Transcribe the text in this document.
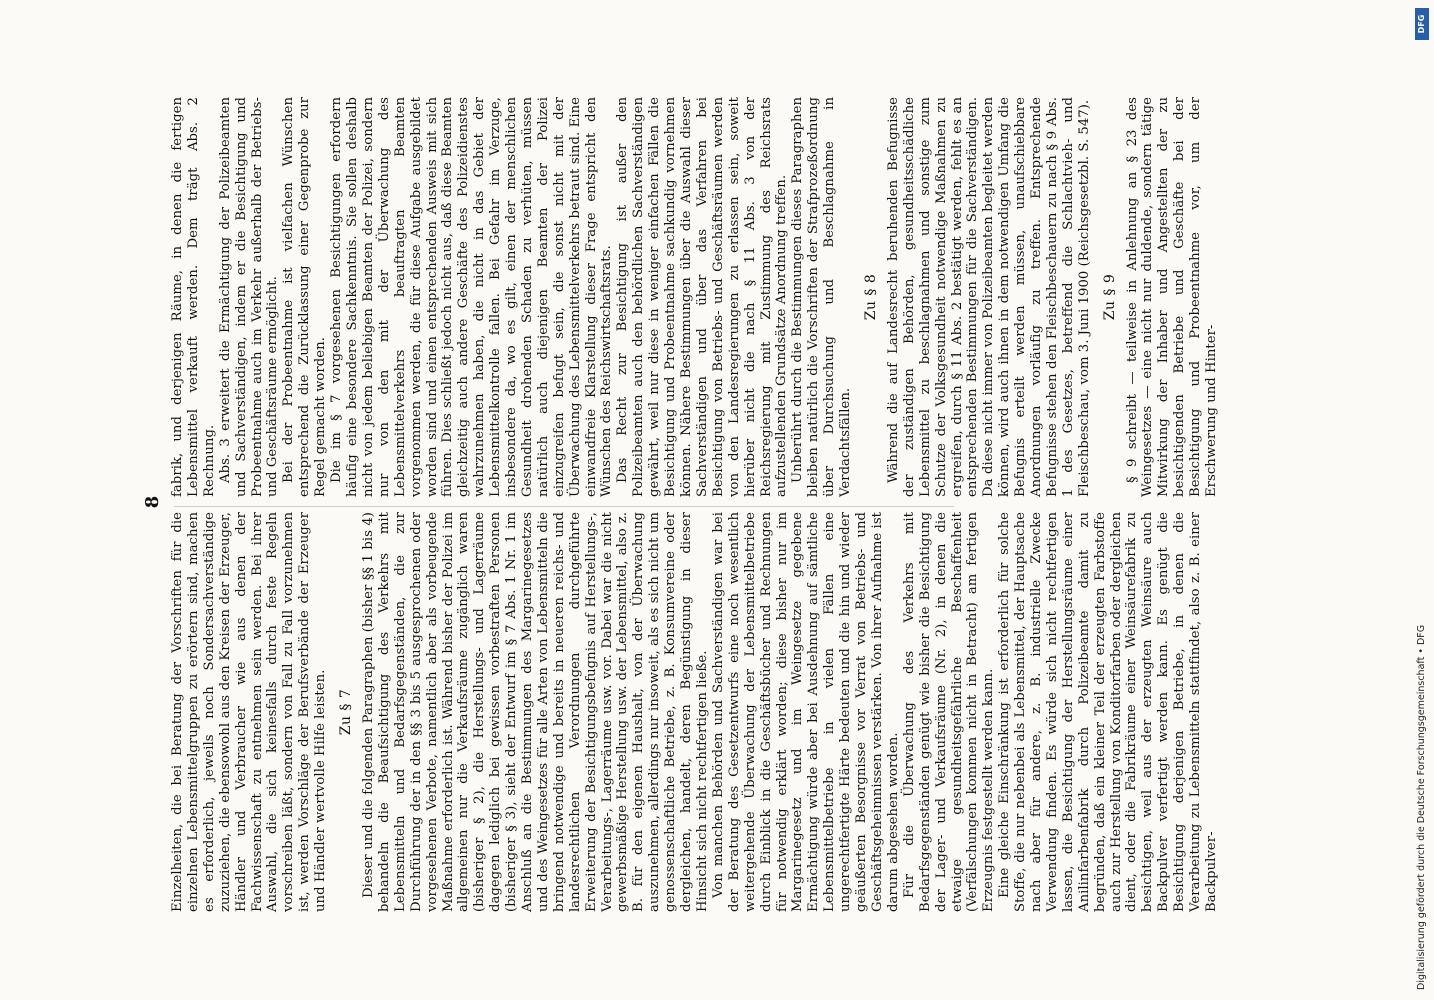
8

Einzelheiten, die bei Beratung der Vorschriften für die einzelnen Lebensmittelgruppen zu erörtern sind, machen es erforderlich, jeweils noch Sondersachverständige zuzuziehen, die ebensowohl aus den Kreisen der Erzeuger, Händler und Verbraucher wie aus denen der Fachwissenschaft zu entnehmen sein werden. Bei ihrer Auswahl, die sich keinesfalls durch feste Regeln vorschreiben läßt, sondern von Fall zu Fall vorzunehmen ist, werden Vorschläge der Berufsverbände der Erzeuger und Händler wertvolle Hilfe leisten. Zu § 7 Dieser und die folgenden Paragraphen (bisher §§ 1 bis 4) behandeln die Beaufsichtigung des Verkehrs mit Lebensmitteln und Bedarfsgegenständen, die zur Durchführung der in den §§ 3 bis 5 ausgesprochenen oder vorgesehenen Verbote, namentlich aber als vorbeugende Maßnahme erforderlich ist. Während bisher der Polizei im allgemeinen nur die Verkaufsräume zugänglich waren (bisheriger § 2), die Herstellungs- und Lagerräume dagegen lediglich bei gewissen vorbestraften Personen (bisheriger § 3), sieht der Entwurf im § 7 Abs. 1 Nr. 1 im Anschluß an die Bestimmungen des Margarinegesetzes und des Weingesetzes für alle Arten von Lebensmitteln die bringend notwendige und bereits in neueren reichs- und landesrechtlichen Verordnungen durchgeführte Erweiterung der Besichtigungsbefugnis auf Herstellungs-, Verarbeitungs-, Lagerräume usw. vor. Dabei war die nicht gewerbsmäßige Herstellung usw. der Lebensmittel, also z. B. für den eigenen Haushalt, von der Überwachung auszunehmen, allerdings nur insoweit, als es sich nicht um genossenschaftliche Betriebe, z. B. Konsumvereine oder dergleichen, handelt, deren Begünstigung in dieser Hinsicht sich nicht rechtfertigen ließe. Von manchen Behörden und Sachverständigen war bei der Beratung des Gesetzentwurfs eine noch wesentlich weitergehende Überwachung der Lebensmittelbetriebe durch Einblick in die Geschäftsbücher und Rechnungen für notwendig erklärt worden; diese bisher nur im Margarinegesetz und im Weingesetze gegebene Ermächtigung würde aber bei Ausdehnung auf sämtliche Lebensmittelbetriebe in vielen Fällen eine ungerechtfertigte Härte bedeuten und die hin und wieder geäußerten Besorgnisse vor Verrat von Betriebs- und Geschäftsgeheimnissen verstärken. Von ihrer Aufnahme ist darum abgesehen worden. Für die Überwachung des Verkehrs mit Bedarfsgegenständen genügt wie bisher die Besichtigung der Lager- und Verkaufsräume (Nr. 2), in denen die etwaige gesundheitsgefährliche Beschaffenheit (Verfälschungen kommen nicht in Betracht) am fertigen Erzeugnis festgestellt werden kann. Eine gleiche Einschränkung ist erforderlich für solche Stoffe, die nur nebenbei als Lebensmittel, der Hauptsache nach aber für andere, z. B. industrielle Zwecke Verwendung finden. Es würde sich nicht rechtfertigen lassen, die Besichtigung der Herstellungsräume einer Anilinfarbenfabrik durch Polizeibeamte damit zu begründen, daß ein kleiner Teil der erzeugten Farbstoffe auch zur Herstellung von Konditorfarben oder dergleichen dient, oder die Fabrikräume einer Weinsäurefabrik zu besichtigen, weil aus der erzeugten Weinsäure auch Backpulver verfertigt werden kann. Es genügt die Besichtigung derjenigen Betriebe, in denen die Verarbeitung zu Lebensmitteln stattfindet, also z. B. einer Backpulver-

fabrik, und derjenigen Räume, in denen die fertigen Lebensmittel verkauft werden. Dem trägt Abs. 2 Rechnung. Abs. 3 erweitert die Ermächtigung der Polizeibeamten und Sachverständigen, indem er die Besichtigung und Probeentnahme auch im Verkehr außerhalb der Betriebs- und Geschäftsräume ermöglicht. Bei der Probeentnahme ist vielfachen Wünschen entsprechend die Zurücklassung einer Gegenprobe zur Regel gemacht worden. Die im § 7 vorgesehenen Besichtigungen erfordern häufig eine besondere Sachkenntnis. Sie sollen deshalb nicht von jedem beliebigen Beamten der Polizei, sondern nur von den mit der Überwachung des Lebensmittelverkehrs beauftragten Beamten vorgenommen werden, die für diese Aufgabe ausgebildet worden sind und einen entsprechenden Ausweis mit sich führen. Dies schließt jedoch nicht aus, daß diese Beamten gleichzeitig auch andere Geschäfte des Polizeidienstes wahrzunehmen haben, die nicht in das Gebiet der Lebensmittelkontrolle fallen. Bei Gefahr im Verzuge, insbesondere da, wo es gilt, einen der menschlichen Gesundheit drohenden Schaden zu verhüten, müssen natürlich auch diejenigen Beamten der Polizei einzugreifen befugt sein, die sonst nicht mit der Überwachung des Lebensmittelverkehrs betraut sind. Eine einwandfreie Klarstellung dieser Frage entspricht den Wünschen des Reichswirtschaftsrats. Das Recht zur Besichtigung ist außer den Polizeibeamten auch den behördlichen Sachverständigen gewährt, weil nur diese in weniger einfachen Fällen die Besichtigung und Probeentnahme sachkundig vornehmen können. Nähere Bestimmungen über die Auswahl dieser Sachverständigen und über das Verfahren bei Besichtigung von Betriebs- und Geschäftsräumen werden von den Landesregierungen zu erlassen sein, soweit hierüber nicht die nach § 11 Abs. 3 von der Reichsregierung mit Zustimmung des Reichsrats aufzustellenden Grundsätze Anordnung treffen. Unberührt durch die Bestimmungen dieses Paragraphen bleiben natürlich die Vorschriften der Strafprozeßordnung über Durchsuchung und Beschlagnahme in Verdachtsfällen.

Zu § 8 Während die auf Landesrecht beruhenden Befugnisse der zuständigen Behörden, gesundheitsschädliche Lebensmittel zu beschlagnahmen und sonstige zum Schutze der Volksgesundheit notwendige Maßnahmen zu ergreifen, durch § 11 Abs. 2 bestätigt werden, fehlt es an entsprechenden Bestimmungen für die Sachverständigen. Da diese nicht immer von Polizeibeamten begleitet werden können, wird auch ihnen in dem notwendigen Umfang die Befugnis erteilt werden müssen, unaufschiebbare Anordnungen vorläufig zu treffen. Entsprechende Befugnisse stehen den Fleischbeschauern zu nach § 9 Abs. 1 des Gesetzes, betreffend die Schlachtvieh- und Fleischbeschau, vom 3. Juni 1900 (Reichsgesetzbl. S. 547). Zu § 9 § 9 schreibt — teilweise in Anlehnung an § 23 des Weingesetzes — eine nicht nur duldende, sondern tätige Mitwirkung der Inhaber und Angestellten der zu besichtigenden Betriebe und Geschäfte bei der Besichtigung und Probeentnahme vor, um der Erschwerung und Hinter-

Digitalisierung gefördert durch die Deutsche Forschungsgemeinschaft • DFG
DFG
